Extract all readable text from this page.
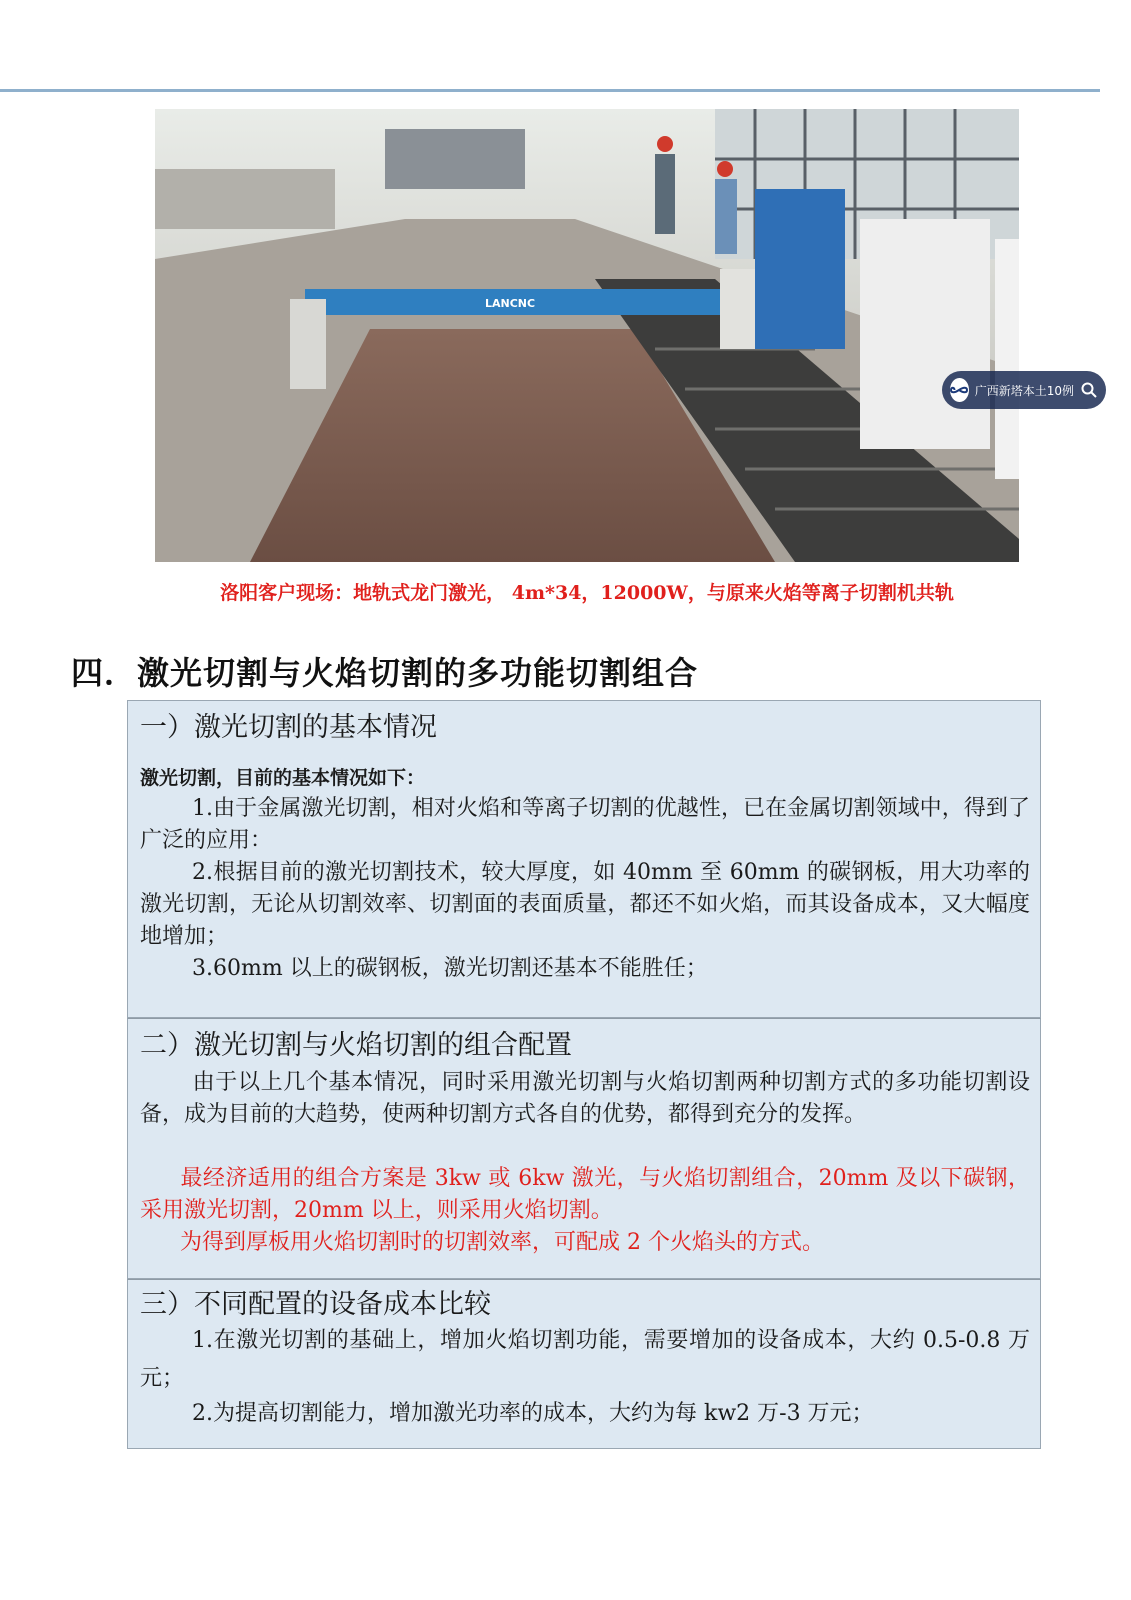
LANCNC
广西新塔本土10例
洛阳客户现场：地轨式龙门激光， 4m*34，12000W，与原来火焰等离子切割机共轨
四．激光切割与火焰切割的多功能切割组合
一）激光切割的基本情况
激光切割，目前的基本情况如下：

1.由于金属激光切割，相对火焰和等离子切割的优越性，已在金属切割领域中，得到了广泛的应用：

2.根据目前的激光切割技术，较大厚度，如 40mm 至 60mm 的碳钢板，用大功率的激光切割，无论从切割效率、切割面的表面质量，都还不如火焰，而其设备成本，又大幅度地增加；

3.60mm 以上的碳钢板，激光切割还基本不能胜任；

二）激光切割与火焰切割的组合配置

由于以上几个基本情况，同时采用激光切割与火焰切割两种切割方式的多功能切割设备，成为目前的大趋势，使两种切割方式各自的优势，都得到充分的发挥。

最经济适用的组合方案是 3kw 或 6kw 激光，与火焰切割组合，20mm 及以下碳钢，采用激光切割，20mm 以上，则采用火焰切割。

为得到厚板用火焰切割时的切割效率，可配成 2 个火焰头的方式。

三）不同配置的设备成本比较

1.在激光切割的基础上，增加火焰切割功能，需要增加的设备成本，大约 0.5-0.8 万元；

2.为提高切割能力，增加激光功率的成本，大约为每 kw2 万-3 万元；
